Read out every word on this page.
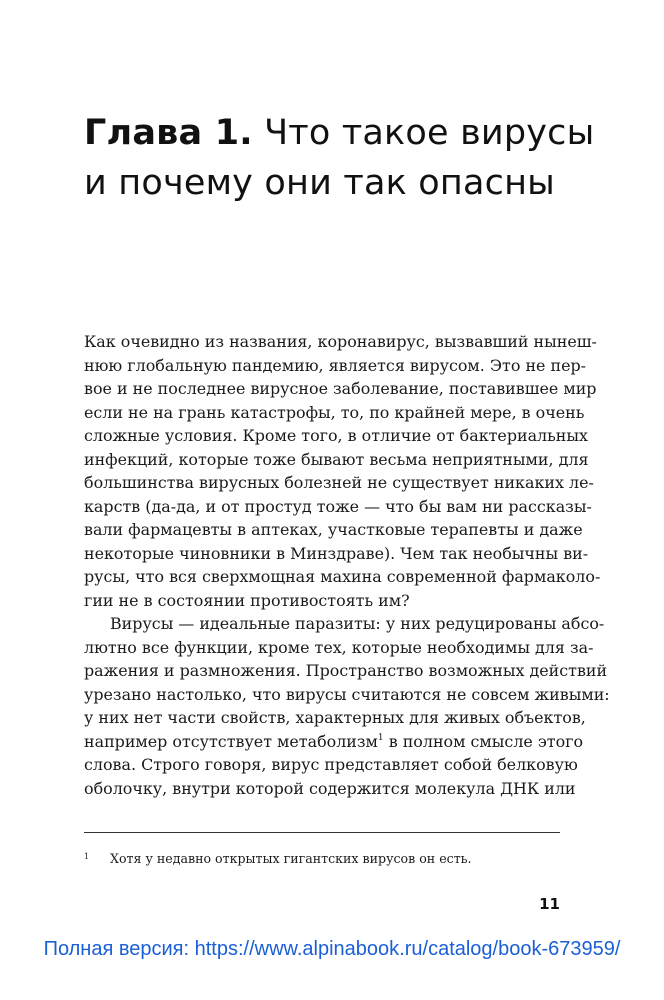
Глава 1. Что такое вирусы
и почему они так опасны
Как очевидно из названия, коронавирус, вызвавший нынеш-
нюю глобальную пандемию, является вирусом. Это не пер-
вое и не последнее вирусное заболевание, поставившее мир
если не на грань катастрофы, то, по крайней мере, в очень
сложные условия. Кроме того, в отличие от бактериальных
инфекций, которые тоже бывают весьма неприятными, для
большинства вирусных болезней не существует никаких ле-
карств (да-да, и от простуд тоже — что бы вам ни рассказы-
вали фармацевты в аптеках, участковые терапевты и даже
некоторые чиновники в Минздраве). Чем так необычны ви-
русы, что вся сверхмощная махина современной фармаколо-
гии не в состоянии противостоять им?
Вирусы — идеальные паразиты: у них редуцированы абсо-
лютно все функции, кроме тех, которые необходимы для за-
ражения и размножения. Пространство возможных действий
урезано настолько, что вирусы считаются не совсем живыми:
у них нет части свойств, характерных для живых объектов,
например отсутствует метаболизм$^1$ в полном смысле этого
слова. Строго говоря, вирус представляет собой белковую
оболочку, внутри которой содержится молекула ДНК или
1 Хотя у недавно открытых гигантских вирусов он есть.
11
Полная версия: https://www.alpinabook.ru/catalog/book-673959/
